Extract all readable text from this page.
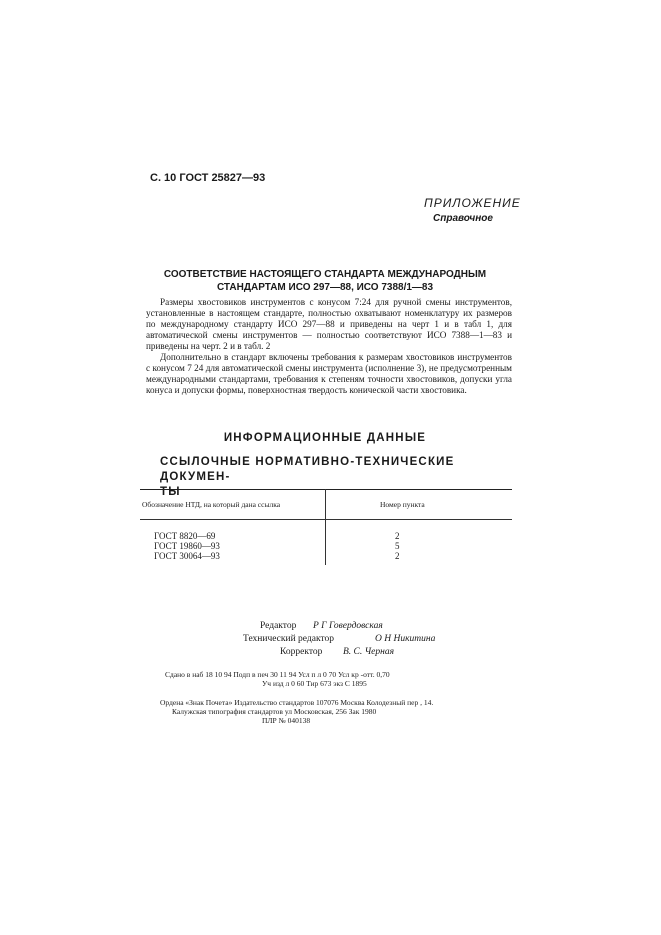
С. 10 ГОСТ 25827—93
ПРИЛОЖЕНИЕ
Справочное
СООТВЕТСТВИЕ НАСТОЯЩЕГО СТАНДАРТА МЕЖДУНАРОДНЫМ
СТАНДАРТАМ ИСО 297—88, ИСО 7388/1—83

Размеры хвостовиков инструментов с конусом 7:24 для ручной смены инструментов, установленные в настоящем стандарте, полностью охватывают номенклатуру их размеров по международному стандарту ИСО 297—88 и приведены на черт 1 и в табл 1, для автоматической смены инструментов — полностью соответствуют ИСО 7388—1—83 и приведены на черт. 2 и в табл. 2

Дополнительно в стандарт включены требования к размерам хвостовиков инструментов с конусом 7 24 для автоматической смены инструмента (исполнение 3), не предусмотренным международными стандартами, требования к степеням точности хвостовиков, допуски угла конуса и допуски формы, поверхностная твердость конической части хвостовика.

ИНФОРМАЦИОННЫЕ ДАННЫЕ
ССЫЛОЧНЫЕ НОРМАТИВНО-ТЕХНИЧЕСКИЕ ДОКУМЕН-
ТЫ
Обозначение НТД, на который дана ссылка	Номер пункта
ГОСТ 8820—69	2
ГОСТ 19860—93	5
ГОСТ 30064—93	2
Редактор Р Г Говердовская
Технический редактор	О Н Никитина
Корректор В. С. Черная
Сдано в наб 18 10 94 Подп в печ 30 11 94 Усл п л 0 70 Усл кр -отт. 0,70
Уч изд л 0 60 Тир 673 экз С 1895
Ордена «Знак Почета» Издательство стандартов 107076 Москва Колодезный пер , 14.
Калужская типография стандартов ул Московская, 256 Зак 1980
ПЛР № 040138
